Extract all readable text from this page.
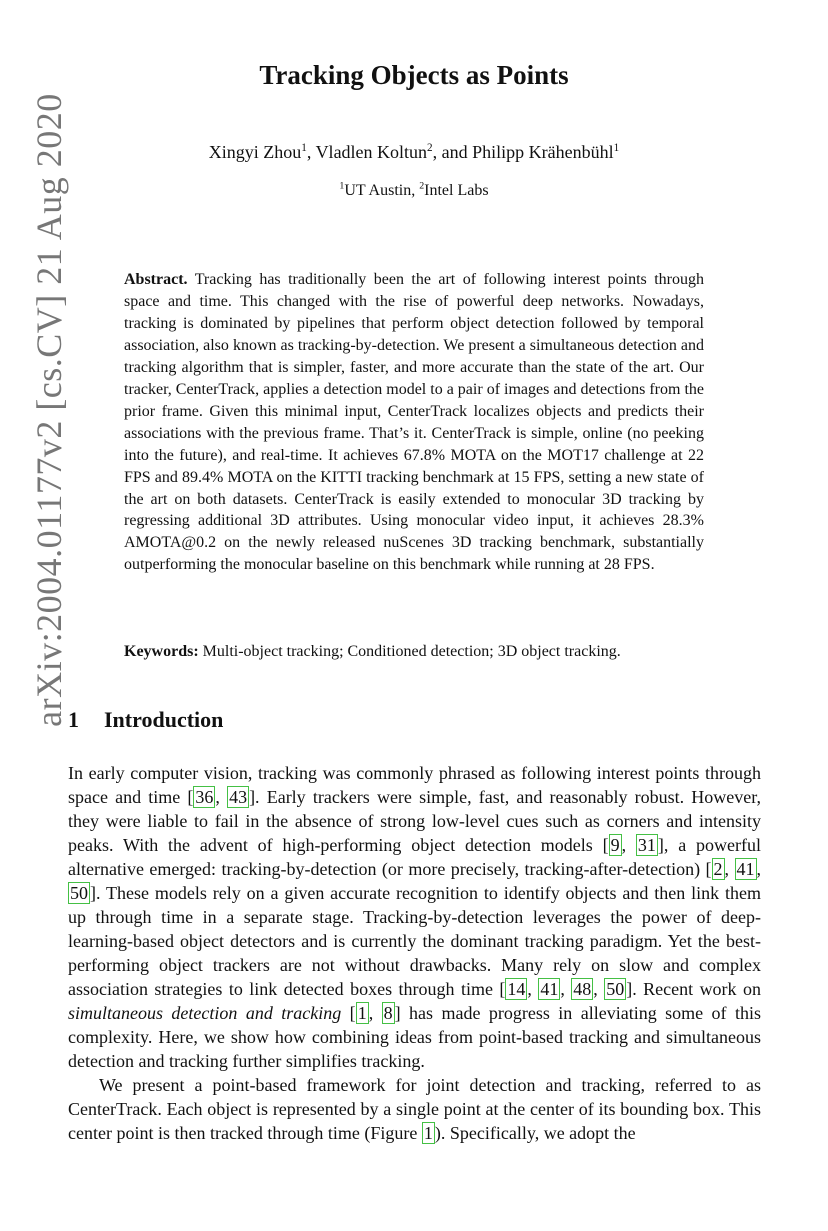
arXiv:2004.01177v2 [cs.CV] 21 Aug 2020
Tracking Objects as Points
Xingyi Zhou$^1$, Vladlen Koltun$^2$, and Philipp Krähenbühl$^1$
$^1$UT Austin, $^2$Intel Labs
Abstract. Tracking has traditionally been the art of following interest points through space and time. This changed with the rise of powerful deep networks. Nowadays, tracking is dominated by pipelines that perform object detection followed by temporal association, also known as tracking-by-detection. We present a simultaneous detection and tracking algorithm that is simpler, faster, and more accurate than the state of the art. Our tracker, CenterTrack, applies a detection model to a pair of images and detections from the prior frame. Given this minimal input, CenterTrack localizes objects and predicts their associations with the previous frame. That’s it. CenterTrack is simple, online (no peeking into the future), and real-time. It achieves 67.8% MOTA on the MOT17 challenge at 22 FPS and 89.4% MOTA on the KITTI tracking benchmark at 15 FPS, setting a new state of the art on both datasets. CenterTrack is easily extended to monocular 3D tracking by regressing additional 3D attributes. Using monocular video input, it achieves 28.3% AMOTA@0.2 on the newly released nuScenes 3D tracking benchmark, substantially outperforming the monocular baseline on this benchmark while running at 28 FPS.
Keywords: Multi-object tracking; Conditioned detection; 3D object tracking.
1 Introduction

In early computer vision, tracking was commonly phrased as following interest points through space and time [ 36 , 43 ]. Early trackers were simple, fast, and reasonably robust. However, they were liable to fail in the absence of strong low-level cues such as corners and intensity peaks. With the advent of high-performing object detection models [ 9 , 31 ], a powerful alternative emerged: tracking-by-detection (or more precisely, tracking-after-detection) [ 2 , 41 , 50 ]. These models rely on a given accurate recognition to identify objects and then link them up through time in a separate stage. Tracking-by-detection leverages the power of deep-learning-based object detectors and is currently the dominant tracking paradigm. Yet the best-performing object trackers are not without drawbacks. Many rely on slow and complex association strategies to link detected boxes through time [ 14 , 41 , 48 , 50 ]. Recent work on simultaneous detection and tracking [ 1 , 8 ] has made progress in alleviating some of this complexity. Here, we show how combining ideas from point-based tracking and simultaneous detection and tracking further simplifies tracking.

We present a point-based framework for joint detection and tracking, referred to as CenterTrack. Each object is represented by a single point at the center of its bounding box. This center point is then tracked through time (Figure 1 ). Specifically, we adopt the
